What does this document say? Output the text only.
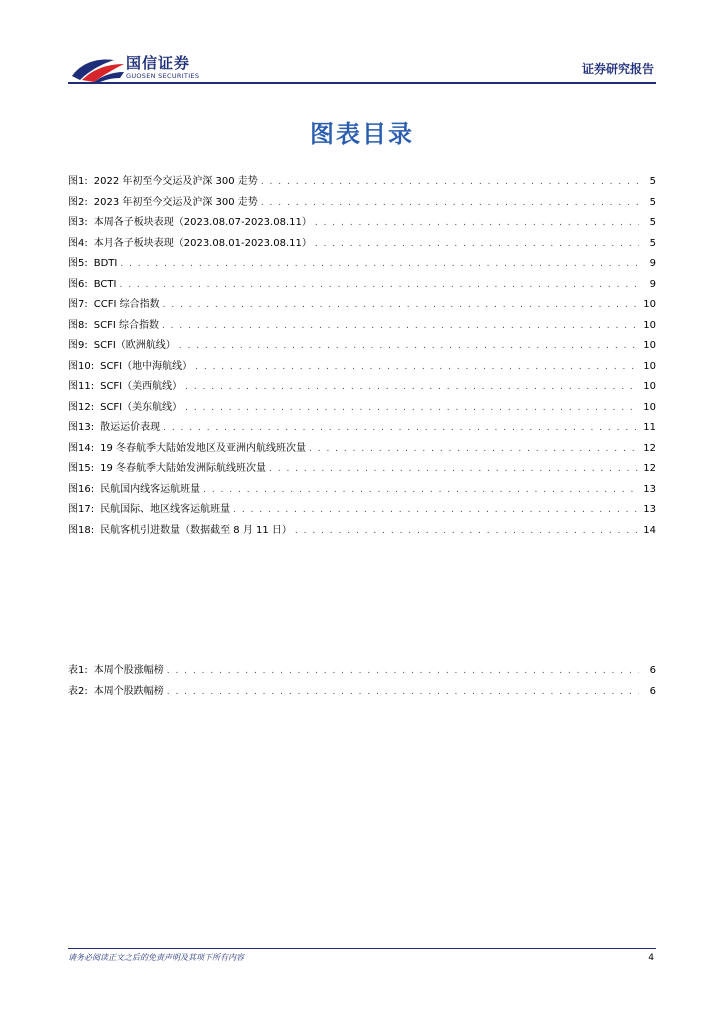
国信证券
GUOSEN SECURITIES	证券研究报告
图表目录
图1: 2022 年初至今交运及沪深 300 走势 . . .	5
图2: 2023 年初至今交运及沪深 300 走势 . . .	5
图3: 本周各子板块表现（2023.08.07-2023.08.11） . . .	5
图4: 本月各子板块表现（2023.08.01-2023.08.11） . . .	5
图5: BDTI . . .	9
图6: BCTI . . .	9
图7: CCFI 综合指数 . . .	10
图8: SCFI 综合指数 . . .	10
图9: SCFI（欧洲航线） . . .	10
图10: SCFI（地中海航线） . . .	10
图11: SCFI（美西航线） . . .	10
图12: SCFI（美东航线） . . .	10
图13: 散运运价表现 . . .	11
图14: 19 冬春航季大陆始发地区及亚洲内航线班次量 . . .	12
图15: 19 冬春航季大陆始发洲际航线班次量 . . .	12
图16: 民航国内线客运航班量 . . .	13
图17: 民航国际、地区线客运航班量 . . .	13
图18: 民航客机引进数量（数据截至 8 月 11 日） . . .	14
表1: 本周个股涨幅榜 . . .	6
表2: 本周个股跌幅榜 . . .	6
请务必阅读正文之后的免责声明及其项下所有内容	4
